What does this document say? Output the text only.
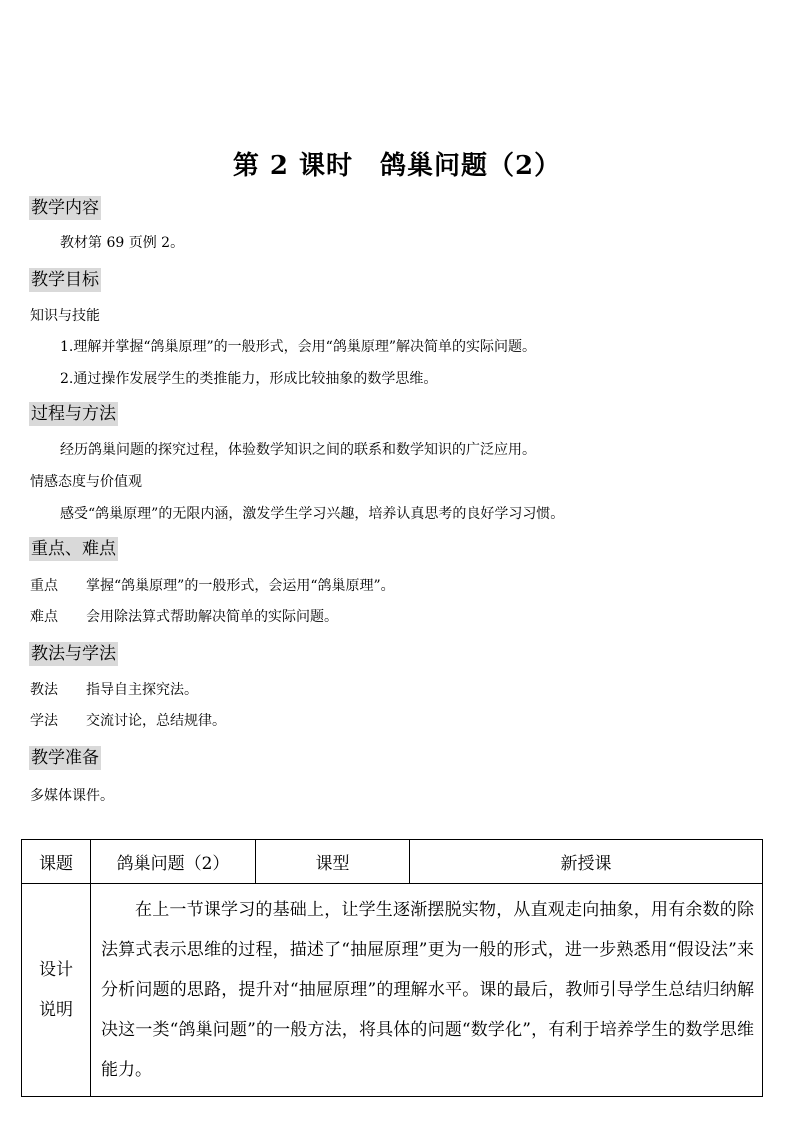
第 2 课时　鸽巢问题（2）
教学内容
教材第 69 页例 2。
教学目标
知识与技能
1.理解并掌握“鸽巢原理”的一般形式，会用“鸽巢原理”解决简单的实际问题。
2.通过操作发展学生的类推能力，形成比较抽象的数学思维。
过程与方法
经历鸽巢问题的探究过程，体验数学知识之间的联系和数学知识的广泛应用。
情感态度与价值观
感受“鸽巢原理”的无限内涵，激发学生学习兴趣，培养认真思考的良好学习习惯。
重点、难点
重点 掌握“鸽巢原理”的一般形式，会运用“鸽巢原理”。
难点 会用除法算式帮助解决简单的实际问题。
教法与学法
教法 指导自主探究法。
学法 交流讨论，总结规律。
教学准备
多媒体课件。
课题	鸽巢问题（2）	课型	新授课
设计
说明	在上一节课学习的基础上，让学生逐渐摆脱实物，从直观走向抽象，用有余数的除法算式表示思维的过程，描述了“抽屉原理”更为一般的形式，进一步熟悉用“假设法”来分析问题的思路，提升对“抽屉原理”的理解水平。课的最后，教师引导学生总结归纳解决这一类“鸽巢问题”的一般方法，将具体的问题“数学化”，有利于培养学生的数学思维能力。		
